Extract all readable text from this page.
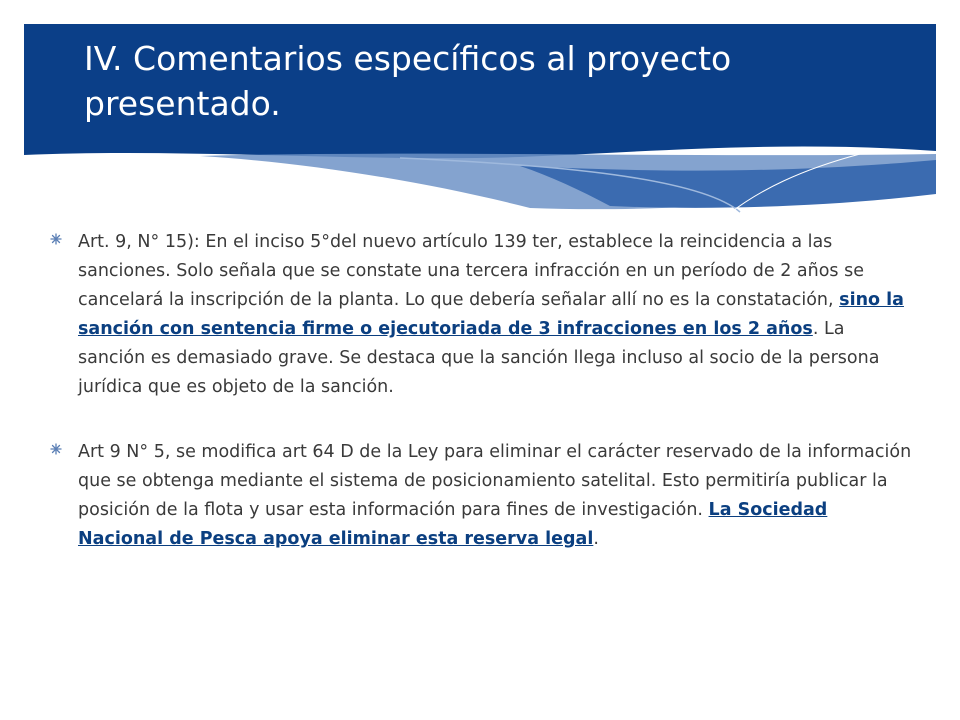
IV. Comentarios específicos al proyecto presentado.
Art. 9, N° 15): En el inciso 5°del nuevo artículo 139 ter, establece la reincidencia a las sanciones. Solo señala que se constate una tercera infracción en un período de 2 años se cancelará la inscripción de la planta. Lo que debería señalar allí no es la constatación, sino la sanción con sentencia firme o ejecutoriada de 3 infracciones en los 2 años. La sanción es demasiado grave. Se destaca que la sanción llega incluso al socio de la persona jurídica que es objeto de la sanción.
Art 9 N° 5, se modifica art 64 D de la Ley para eliminar el carácter reservado de la información que se obtenga mediante el sistema de posicionamiento satelital. Esto permitiría publicar la posición de la flota y usar esta información para fines de investigación. La Sociedad Nacional de Pesca apoya eliminar esta reserva legal.
